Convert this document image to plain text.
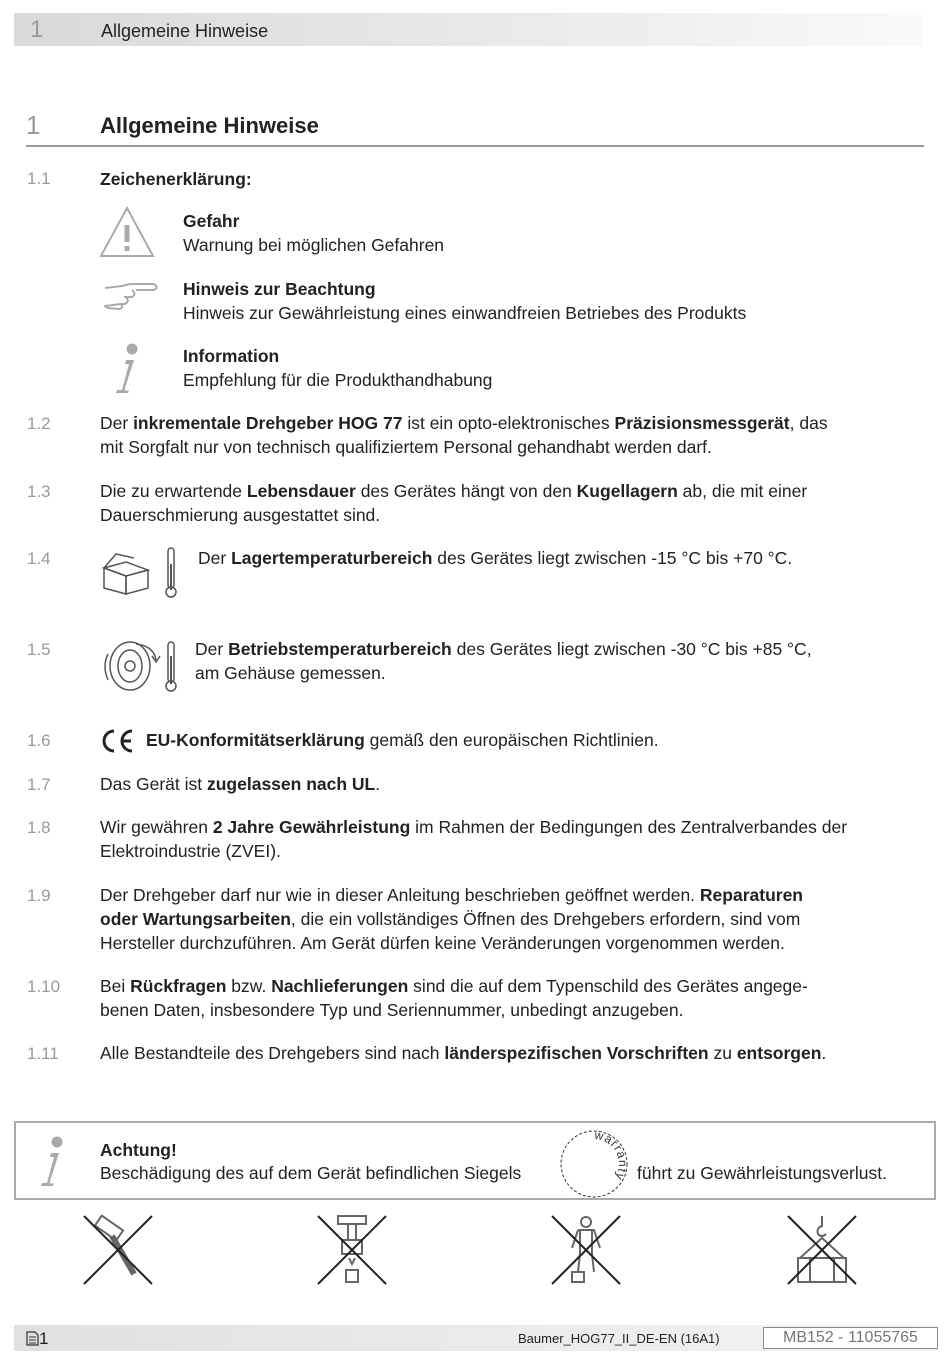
1	Allgemeine Hinweise
1	Allgemeine Hinweise
1.1	Zeichenerklärung:
Gefahr
Warnung bei möglichen Gefahren
Hinweis zur Beachtung
Hinweis zur Gewährleistung eines einwandfreien Betriebes des Produkts
Information
Empfehlung für die Produkthandhabung
1.2	Der inkrementale Drehgeber HOG 77 ist ein opto-elektronisches Präzisionsmessgerät, das
mit Sorgfalt nur von technisch qualifiziertem Personal gehandhabt werden darf.
1.3	Die zu erwartende Lebensdauer des Gerätes hängt von den Kugellagern ab, die mit einer
Dauerschmierung ausgestattet sind.
1.4	Der Lagertemperaturbereich des Gerätes liegt zwischen -15 °C bis +70 °C.
1.5	Der Betriebstemperaturbereich des Gerätes liegt zwischen -30 °C bis +85 °C,
am Gehäuse gemessen.
1.6	EU-Konformitätserklärung gemäß den europäischen Richtlinien.
1.7	Das Gerät ist zugelassen nach UL.
1.8	Wir gewähren 2 Jahre Gewährleistung im Rahmen der Bedingungen des Zentralverbandes der
Elektroindustrie (ZVEI).
1.9	Der Drehgeber darf nur wie in dieser Anleitung beschrieben geöffnet werden. Reparaturen
oder Wartungsarbeiten, die ein vollständiges Öffnen des Drehgebers erfordern, sind vom
Hersteller durchzuführen. Am Gerät dürfen keine Veränderungen vorgenommen werden.
1.10 Bei Rückfragen bzw. Nachlieferungen sind die auf dem Typenschild des Gerätes angege-
benen Daten, insbesondere Typ und Seriennummer, unbedingt anzugeben.
1.11 Alle Bestandteile des Drehgebers sind nach länderspezifischen Vorschriften zu entsorgen.
Achtung!
Beschädigung des auf dem Gerät befindlichen Siegels
warranty führt zu Gewährleistungsverlust.
1	Baumer_HOG77_II_DE-EN (16A1)	MB152 - 11055765
